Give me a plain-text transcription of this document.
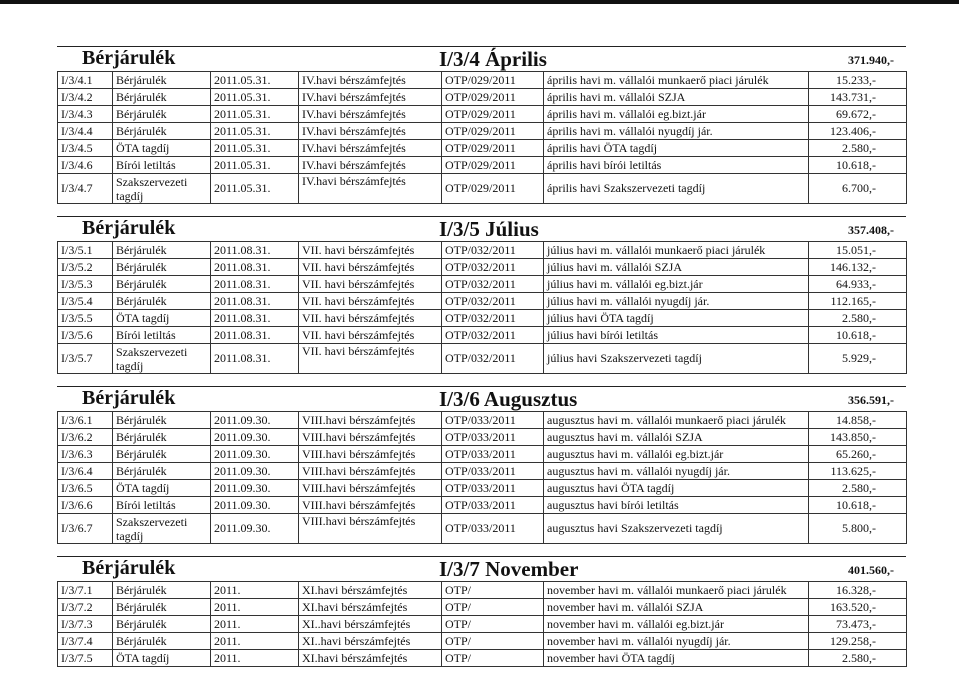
Bérjárulék	I/3/4 Április	371.940,-
I/3/4.1	Bérjárulék	2011.05.31.	IV.havi bérszámfejtés	OTP/029/2011	április havi m. vállalói munkaerő piaci járulék	15.233,-
I/3/4.2	Bérjárulék	2011.05.31.	IV.havi bérszámfejtés	OTP/029/2011	április havi m. vállalói SZJA	143.731,-
I/3/4.3	Bérjárulék	2011.05.31.	IV.havi bérszámfejtés	OTP/029/2011	április havi m. vállalói eg.bizt.jár	69.672,-
I/3/4.4	Bérjárulék	2011.05.31.	IV.havi bérszámfejtés	OTP/029/2011	április havi m. vállalói nyugdíj jár.	123.406,-
I/3/4.5	ÖTA tagdíj	2011.05.31.	IV.havi bérszámfejtés	OTP/029/2011	április havi ÖTA tagdíj	2.580,-
I/3/4.6	Bírói letiltás	2011.05.31.	IV.havi bérszámfejtés	OTP/029/2011	április havi bírói letiltás	10.618,-
I/3/4.7	Szakszervezeti tagdíj	2011.05.31.	IV.havi bérszámfejtés	OTP/029/2011	április havi Szakszervezeti tagdíj	6.700,-
Bérjárulék	I/3/5 Július	357.408,-
I/3/5.1	Bérjárulék	2011.08.31.	VII. havi bérszámfejtés	OTP/032/2011	július havi m. vállalói munkaerő piaci járulék	15.051,-
I/3/5.2	Bérjárulék	2011.08.31.	VII. havi bérszámfejtés	OTP/032/2011	július havi m. vállalói SZJA	146.132,-
I/3/5.3	Bérjárulék	2011.08.31.	VII. havi bérszámfejtés	OTP/032/2011	július havi m. vállalói eg.bizt.jár	64.933,-
I/3/5.4	Bérjárulék	2011.08.31.	VII. havi bérszámfejtés	OTP/032/2011	július havi m. vállalói nyugdíj jár.	112.165,-
I/3/5.5	ÖTA tagdíj	2011.08.31.	VII. havi bérszámfejtés	OTP/032/2011	július havi ÖTA tagdíj	2.580,-
I/3/5.6	Bírói letiltás	2011.08.31.	VII. havi bérszámfejtés	OTP/032/2011	július havi bírói letiltás	10.618,-
I/3/5.7	Szakszervezeti tagdíj	2011.08.31.	VII. havi bérszámfejtés	OTP/032/2011	július havi Szakszervezeti tagdíj	5.929,-
Bérjárulék	I/3/6 Augusztus	356.591,-
I/3/6.1	Bérjárulék	2011.09.30.	VIII.havi bérszámfejtés	OTP/033/2011	augusztus havi m. vállalói munkaerő piaci járulék	14.858,-
I/3/6.2	Bérjárulék	2011.09.30.	VIII.havi bérszámfejtés	OTP/033/2011	augusztus havi m. vállalói SZJA	143.850,-
I/3/6.3	Bérjárulék	2011.09.30.	VIII.havi bérszámfejtés	OTP/033/2011	augusztus havi m. vállalói eg.bizt.jár	65.260,-
I/3/6.4	Bérjárulék	2011.09.30.	VIII.havi bérszámfejtés	OTP/033/2011	augusztus havi m. vállalói nyugdíj jár.	113.625,-
I/3/6.5	ÖTA tagdíj	2011.09.30.	VIII.havi bérszámfejtés	OTP/033/2011	augusztus havi ÖTA tagdíj	2.580,-
I/3/6.6	Bírói letiltás	2011.09.30.	VIII.havi bérszámfejtés	OTP/033/2011	augusztus havi bírói letiltás	10.618,-
I/3/6.7	Szakszervezeti tagdíj	2011.09.30.	VIII.havi bérszámfejtés	OTP/033/2011	augusztus havi Szakszervezeti tagdíj	5.800,-
Bérjárulék	I/3/7 November	401.560,-
I/3/7.1	Bérjárulék	2011.	XI.havi bérszámfejtés	OTP/	november havi m. vállalói munkaerő piaci járulék	16.328,-
I/3/7.2	Bérjárulék	2011.	XI.havi bérszámfejtés	OTP/	november havi m. vállalói SZJA	163.520,-
I/3/7.3	Bérjárulék	2011.	XI..havi bérszámfejtés	OTP/	november havi m. vállalói eg.bizt.jár	73.473,-
I/3/7.4	Bérjárulék	2011.	XI..havi bérszámfejtés	OTP/	november havi m. vállalói nyugdíj jár.	129.258,-
I/3/7.5	ÖTA tagdíj	2011.	XI.havi bérszámfejtés	OTP/	november havi ÖTA tagdíj	2.580,-
